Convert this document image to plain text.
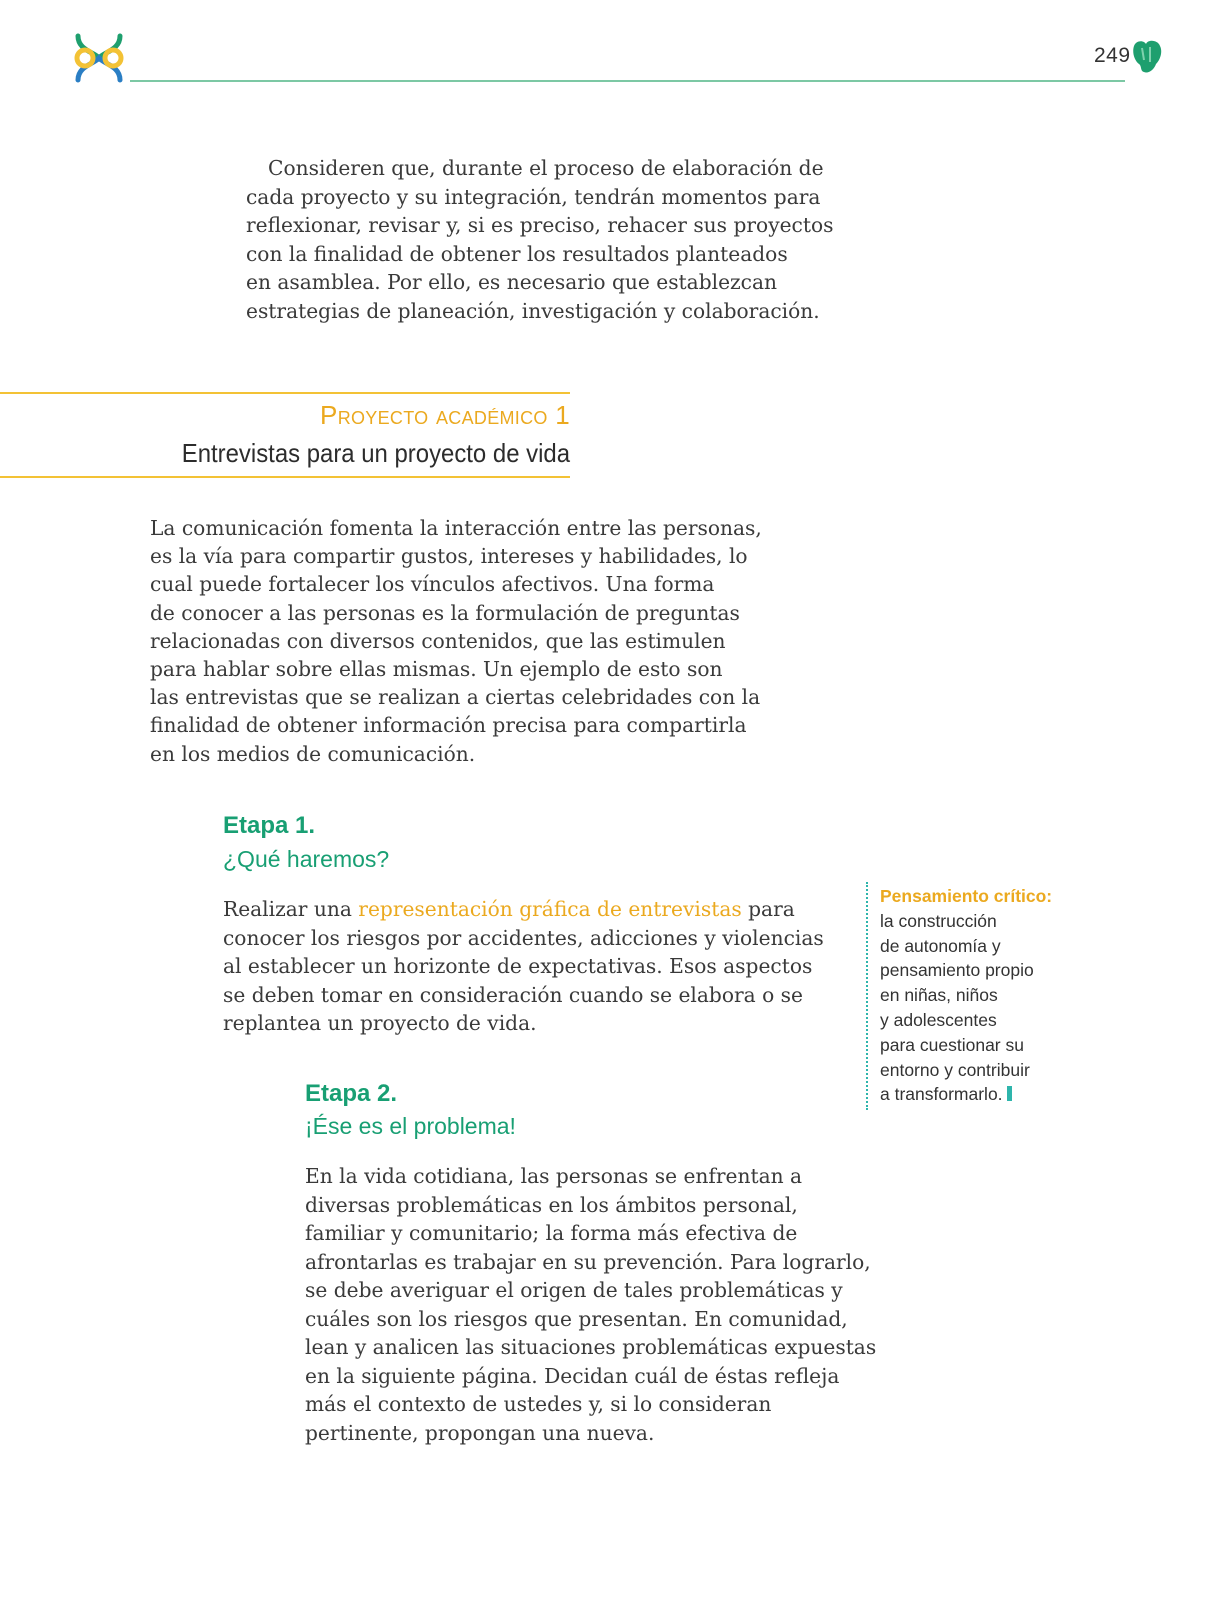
249
Consideren que, durante el proceso de elaboración de
cada proyecto y su integración, tendrán momentos para
reflexionar, revisar y, si es preciso, rehacer sus proyectos
con la finalidad de obtener los resultados planteados
en asamblea. Por ello, es necesario que establezcan
estrategias de planeación, investigación y colaboración.
Proyecto académico 1
Entrevistas para un proyecto de vida
La comunicación fomenta la interacción entre las personas,
es la vía para compartir gustos, intereses y habilidades, lo
cual puede fortalecer los vínculos afectivos. Una forma
de conocer a las personas es la formulación de preguntas
relacionadas con diversos contenidos, que las estimulen
para hablar sobre ellas mismas. Un ejemplo de esto son
las entrevistas que se realizan a ciertas celebridades con la
finalidad de obtener información precisa para compartirla
en los medios de comunicación.
Etapa 1.
¿Qué haremos?
Realizar una representación gráfica de entrevistas para
conocer los riesgos por accidentes, adicciones y violencias
al establecer un horizonte de expectativas. Esos aspectos
se deben tomar en consideración cuando se elabora o se
replantea un proyecto de vida.
Etapa 2.
¡Ése es el problema!
En la vida cotidiana, las personas se enfrentan a
diversas problemáticas en los ámbitos personal,
familiar y comunitario; la forma más efectiva de
afrontarlas es trabajar en su prevención. Para lograrlo,
se debe averiguar el origen de tales problemáticas y
cuáles son los riesgos que presentan. En comunidad,
lean y analicen las situaciones problemáticas expuestas
en la siguiente página. Decidan cuál de éstas refleja
más el contexto de ustedes y, si lo consideran
pertinente, propongan una nueva.
Pensamiento crítico:
la construcción
de autonomía y
pensamiento propio
en niñas, niños
y adolescentes
para cuestionar su
entorno y contribuir
a transformarlo.
